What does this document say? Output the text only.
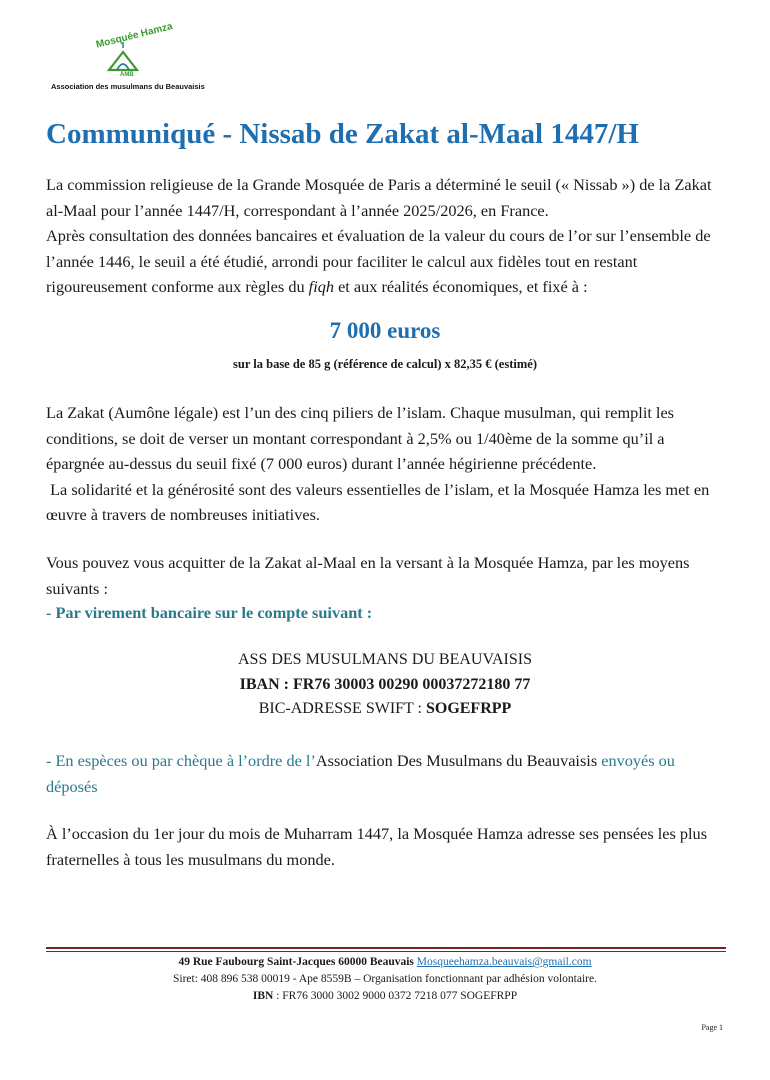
Mosquée Hamza
AMB
Association des musulmans du Beauvaisis
Communiqué - Nissab de Zakat al-Maal 1447/H

La commission religieuse de la Grande Mosquée de Paris a déterminé le seuil (« Nissab ») de la Zakat al-Maal pour l’année 1447/H, correspondant à l’année 2025/2026, en France.
Après consultation des données bancaires et évaluation de la valeur du cours de l’or sur l’ensemble de l’année 1446, le seuil a été étudié, arrondi pour faciliter le calcul aux fidèles tout en restant rigoureusement conforme aux règles du fiqh et aux réalités économiques, et fixé à :

7 000 euros
sur la base de 85 g (référence de calcul) x 82,35 € (estimé)

La Zakat (Aumône légale) est l’un des cinq piliers de l’islam. Chaque musulman, qui remplit les conditions, se doit de verser un montant correspondant à 2,5% ou 1/40ème de la somme qu’il a épargnée au-dessus du seuil fixé (7 000 euros) durant l’année hégirienne précédente.
La solidarité et la générosité sont des valeurs essentielles de l’islam, et la Mosquée Hamza les met en œuvre à travers de nombreuses initiatives.

Vous pouvez vous acquitter de la Zakat al-Maal en la versant à la Mosquée Hamza, par les moyens suivants :

- Par virement bancaire sur le compte suivant :

ASS DES MUSULMANS DU BEAUVAISIS
IBAN : FR76 30003 00290 00037272180 77
BIC-ADRESSE SWIFT : SOGEFRPP

- En espèces ou par chèque à l’ordre de l’Association Des Musulmans du Beauvaisis envoyés ou déposés

À l’occasion du 1er jour du mois de Muharram 1447, la Mosquée Hamza adresse ses pensées les plus fraternelles à tous les musulmans du monde.

49 Rue Faubourg Saint-Jacques 60000 Beauvais Mosqueehamza.beauvais@gmail.com
Siret: 408 896 538 00019 - Ape 8559B – Organisation fonctionnant par adhésion volontaire.
IBN : FR76 3000 3002 9000 0372 7218 077 SOGEFRPP
Page 1
